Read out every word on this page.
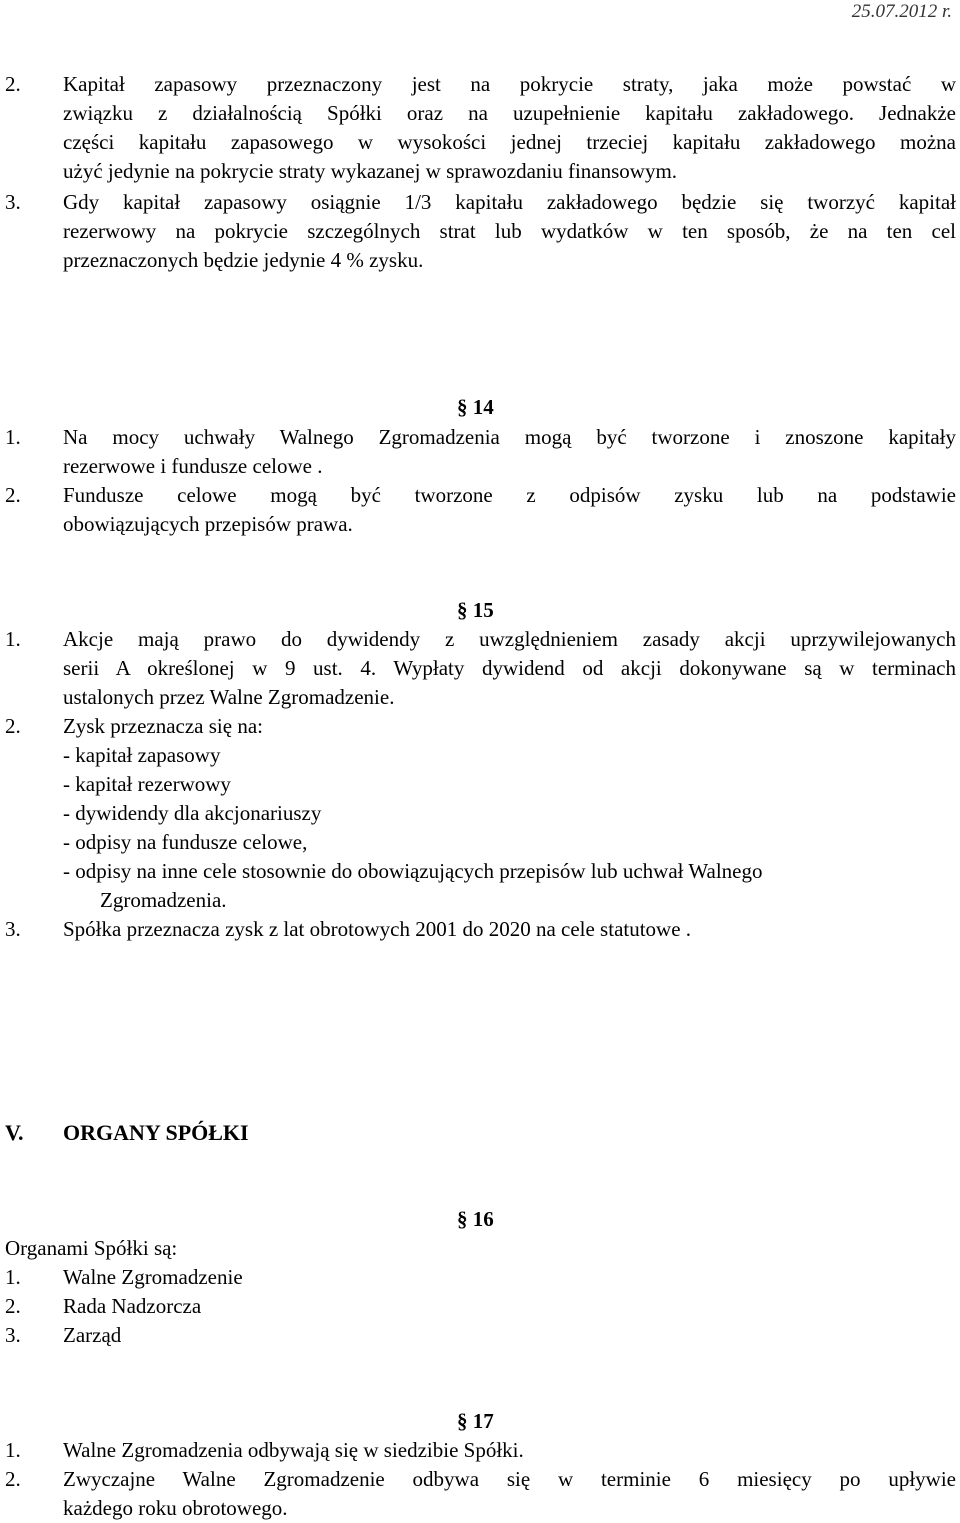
25.07.2012 r.
2. Kapitał zapasowy przeznaczony jest na pokrycie straty, jaka może powstać w
związku z działalnością Spółki oraz na uzupełnienie kapitału zakładowego. Jednakże
części kapitału zapasowego w wysokości jednej trzeciej kapitału zakładowego można
użyć jedynie na pokrycie straty wykazanej w sprawozdaniu finansowym.
3. Gdy kapitał zapasowy osiągnie 1/3 kapitału zakładowego będzie się tworzyć kapitał
rezerwowy na pokrycie szczególnych strat lub wydatków w ten sposób, że na ten cel
przeznaczonych będzie jedynie 4 % zysku.
§ 14
1. Na mocy uchwały Walnego Zgromadzenia mogą być tworzone i znoszone kapitały
rezerwowe i fundusze celowe .
2. Fundusze celowe mogą być tworzone z odpisów zysku lub na podstawie
obowiązujących przepisów prawa.
§ 15
1. Akcje mają prawo do dywidendy z uwzględnieniem zasady akcji uprzywilejowanych
serii A określonej w 9 ust. 4. Wypłaty dywidend od akcji dokonywane są w terminach
ustalonych przez Walne Zgromadzenie.
2. Zysk przeznacza się na:
- kapitał zapasowy
- kapitał rezerwowy
- dywidendy dla akcjonariuszy
- odpisy na fundusze celowe,
- odpisy na inne cele stosownie do obowiązujących przepisów lub uchwał Walnego
Zgromadzenia.
3. Spółka przeznacza zysk z lat obrotowych 2001 do 2020 na cele statutowe .
V. ORGANY SPÓŁKI
§ 16
Organami Spółki są:
1. Walne Zgromadzenie
2. Rada Nadzorcza
3. Zarząd
§ 17
1. Walne Zgromadzenia odbywają się w siedzibie Spółki.
2. Zwyczajne Walne Zgromadzenie odbywa się w terminie 6 miesięcy po upływie
każdego roku obrotowego.
